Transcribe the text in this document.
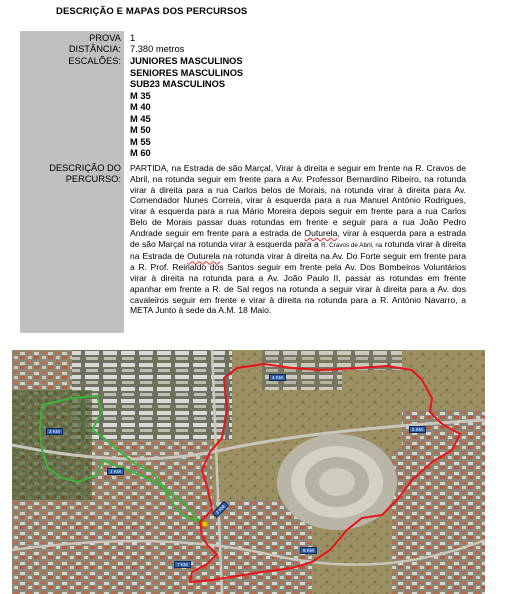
DESCRIÇÃO E MAPAS DOS PERCURSOS
PROVA
DISTÂNCIA:
ESCALÕES:
DESCRIÇÃO DO
PERCURSO:
1
7.380 metros
JUNIORES MASCULINOS
SENIORES MASCULINOS
SUB23 MASCULINOS
M 35
M 40
M 45
M 50
M 55
M 60
PARTIDA, na Estrada de são Marçal, Virar à direita e seguir em frente na R. Cravos de Abril, na rotunda seguir em frente para a Av. Professor Bernardino Ribeiro, na rotunda virar à direita para a rua Carlos belos de Morais, na rotunda virar à direita para Av. Comendador Nunes Correia, virar à esquerda para a rua Manuel António Rodrigues, virar à esquerda para a rua Mário Moreira depois seguir em frente para a rua Carlos Belo de Morais passar duas rotundas em frente e seguir para a rua João Pedro Andrade seguir em frente para a estrada de Outurela, virar à esquerda para a estrada de são Marçal na rotunda virar à esquerda para a R. Cravos de Abril, na rotunda virar à direita na Estrada de Outurela na rotunda virar à direita na Av. Do Forte seguir em frente para a R. Prof. Reinaldo dos Santos seguir em frente pela Av. Dos Bombeiros Voluntários virar à direita na rotunda para a Av. João Paulo II, passar as rotundas em frente apanhar em frente a R. de Sal regos na rotunda a seguir virar à direita para a Av. dos cavaleiros seguir em frente e virar à direita na rotunda para a R. António Navarro, a META Junto à sede da A.M. 18 Maio.
2 KM
1 KM
3 KM
4 KM
5 KM
6 KM
7 KM
